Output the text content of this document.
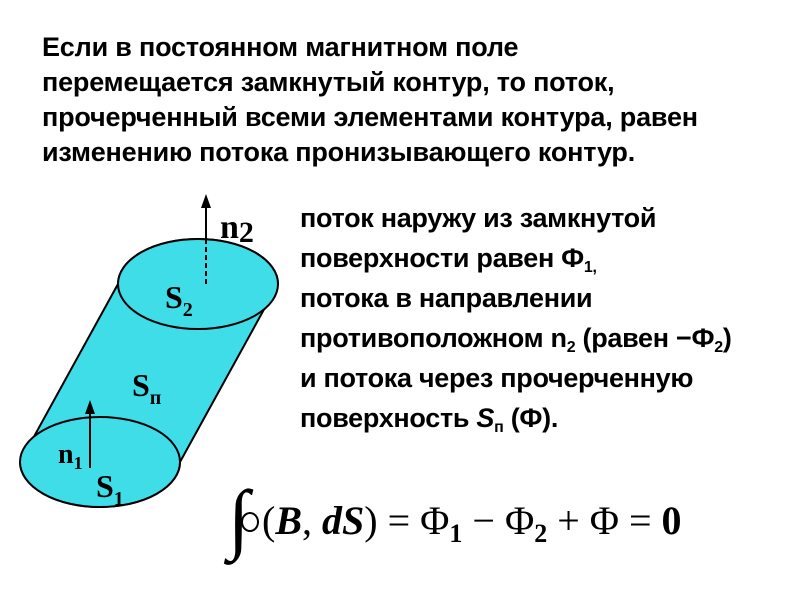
Если в постоянном магнитном поле
перемещается замкнутый контур, то поток,
прочерченный всеми элементами контура, равен
изменению потока пронизывающего контур.
n2
$S_2$
$S_п$
$n_1$
$S_1$
поток наружу из замкнутой
поверхности равен $Ф_{1,}$
потока в направлении
противоположном $n_2$ (равен $-Ф_2$)
и потока через прочерченную
поверхность $S_п$ (Ф).
∫ (B, $dS) = \Phi_1 - \Phi_2 + \Phi = 0$
